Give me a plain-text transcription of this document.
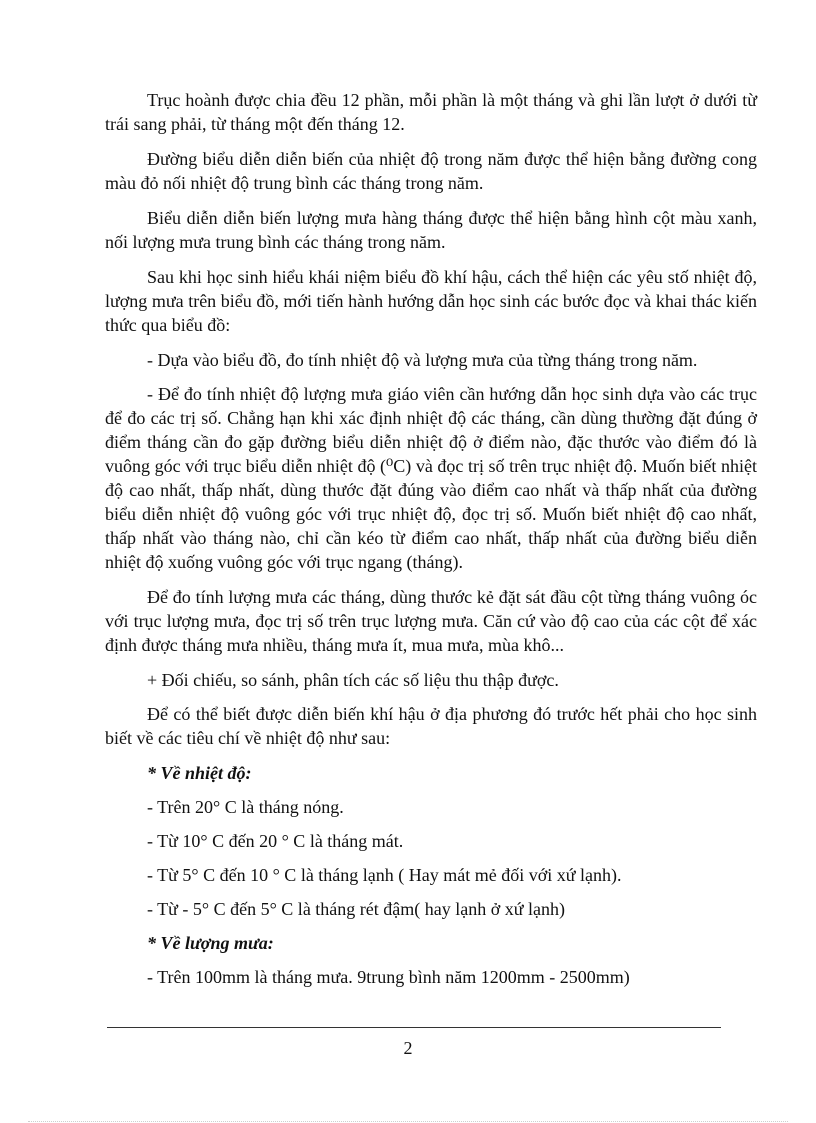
Trục hoành được chia đều 12 phần, mỗi phần là một tháng và ghi lần lượt ở dưới từ trái sang phải, từ tháng một đến tháng 12.

Đường biểu diễn diễn biến của nhiệt độ trong năm được thể hiện bằng đường cong màu đỏ nối nhiệt độ trung bình các tháng trong năm.

Biểu diễn diễn biến lượng mưa hàng tháng được thể hiện bằng hình cột màu xanh, nối lượng mưa trung bình các tháng trong năm.

Sau khi học sinh hiểu khái niệm biểu đồ khí hậu, cách thể hiện các yêu stố nhiệt độ, lượng mưa trên biểu đồ, mới tiến hành hướng dẫn học sinh các bước đọc và khai thác kiến thức qua biểu đồ:

- Dựa vào biểu đồ, đo tính nhiệt độ và lượng mưa của từng tháng trong năm.

- Để đo tính nhiệt độ lượng mưa giáo viên cần hướng dẫn học sinh dựa vào các trục để đo các trị số. Chẳng hạn khi xác định nhiệt độ các tháng, cần dùng thường đặt đúng ở điểm tháng cần đo gặp đường biểu diễn nhiệt độ ở điểm nào, đặc thước vào điểm đó là vuông góc với trục biểu diễn nhiệt độ (⁰C) và đọc trị số trên trục nhiệt độ. Muốn biết nhiệt độ cao nhất, thấp nhất, dùng thước đặt đúng vào điểm cao nhất và thấp nhất của đường biểu diễn nhiệt độ vuông góc với trục nhiệt độ, đọc trị số. Muốn biết nhiệt độ cao nhất, thấp nhất vào tháng nào, chỉ cần kéo từ điểm cao nhất, thấp nhất của đường biểu diễn nhiệt độ xuống vuông góc với trục ngang (tháng).

Để đo tính lượng mưa các tháng, dùng thước kẻ đặt sát đầu cột từng tháng vuông óc với trục lượng mưa, đọc trị số trên trục lượng mưa. Căn cứ vào độ cao của các cột để xác định được tháng mưa nhiều, tháng mưa ít, mua mưa, mùa khô...

+ Đối chiếu, so sánh, phân tích các số liệu thu thập được.

Để có thể biết được diễn biến khí hậu ở địa phương đó trước hết phải cho học sinh biết về các tiêu chí về nhiệt độ như sau:

* Về nhiệt độ:

- Trên 20° C là tháng nóng.

- Từ 10° C đến 20 ° C là tháng mát.

- Từ 5° C đến 10 ° C là tháng lạnh ( Hay mát mẻ đối với xứ lạnh).

- Từ - 5° C đến 5° C là tháng rét đậm( hay lạnh ở xứ lạnh)

* Về lượng mưa:

- Trên 100mm là tháng mưa. 9trung bình năm 1200mm - 2500mm)

2
